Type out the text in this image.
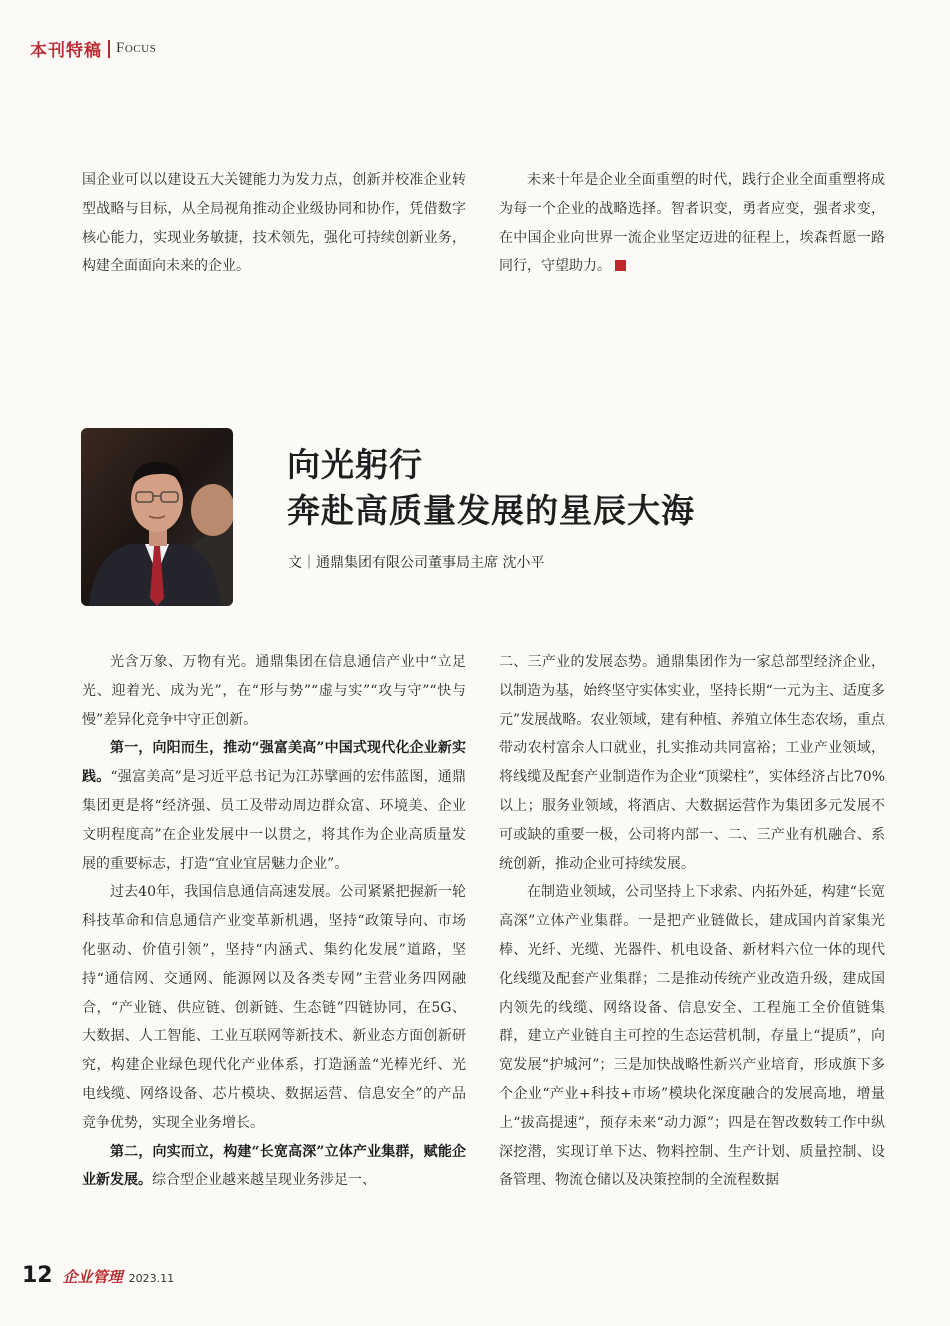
本刊特稿 Focus

国企业可以以建设五大关键能力为发力点，创新并校准企业转型战略与目标，从全局视角推动企业级协同和协作，凭借数字核心能力，实现业务敏捷，技术领先，强化可持续创新业务，构建全面面向未来的企业。

未来十年是企业全面重塑的时代，践行企业全面重塑将成为每一个企业的战略选择。智者识变，勇者应变，强者求变，在中国企业向世界一流企业坚定迈进的征程上，埃森哲愿一路同行，守望助力。

向光躬行
奔赴高质量发展的星辰大海
文｜通鼎集团有限公司董事局主席 沈小平

光含万象、万物有光。通鼎集团在信息通信产业中“立足光、迎着光、成为光”，在“形与势”“虚与实”“攻与守”“快与慢”差异化竞争中守正创新。

第一，向阳而生，推动“强富美高”中国式现代化企业新实践。“强富美高”是习近平总书记为江苏擘画的宏伟蓝图，通鼎集团更是将“经济强、员工及带动周边群众富、环境美、企业文明程度高”在企业发展中一以贯之，将其作为企业高质量发展的重要标志，打造“宜业宜居魅力企业”。

过去40年，我国信息通信高速发展。公司紧紧把握新一轮科技革命和信息通信产业变革新机遇，坚持“政策导向、市场化驱动、价值引领”，坚持“内涵式、集约化发展”道路，坚持“通信网、交通网、能源网以及各类专网”主营业务四网融合，“产业链、供应链、创新链、生态链”四链协同，在5G、大数据、人工智能、工业互联网等新技术、新业态方面创新研究，构建企业绿色现代化产业体系，打造涵盖“光棒光纤、光电线缆、网络设备、芯片模块、数据运营、信息安全”的产品竞争优势，实现全业务增长。

第二，向实而立，构建“长宽高深”立体产业集群，赋能企业新发展。综合型企业越来越呈现业务涉足一、

二、三产业的发展态势。通鼎集团作为一家总部型经济企业，以制造为基，始终坚守实体实业，坚持长期“一元为主、适度多元”发展战略。农业领域，建有种植、养殖立体生态农场，重点带动农村富余人口就业，扎实推动共同富裕；工业产业领域，将线缆及配套产业制造作为企业“顶梁柱”，实体经济占比70%以上；服务业领域，将酒店、大数据运营作为集团多元发展不可或缺的重要一极，公司将内部一、二、三产业有机融合、系统创新，推动企业可持续发展。

在制造业领域，公司坚持上下求索、内拓外延，构建“长宽高深”立体产业集群。一是把产业链做长，建成国内首家集光棒、光纤、光缆、光器件、机电设备、新材料六位一体的现代化线缆及配套产业集群；二是推动传统产业改造升级，建成国内领先的线缆、网络设备、信息安全、工程施工全价值链集群，建立产业链自主可控的生态运营机制，存量上“提质”，向宽发展“护城河”；三是加快战略性新兴产业培育，形成旗下多个企业“产业+科技+市场”模块化深度融合的发展高地，增量上“拔高提速”，预存未来“动力源”；四是在智改数转工作中纵深挖潜，实现订单下达、物料控制、生产计划、质量控制、设备管理、物流仓储以及决策控制的全流程数据

12 企业管理 2023.11
